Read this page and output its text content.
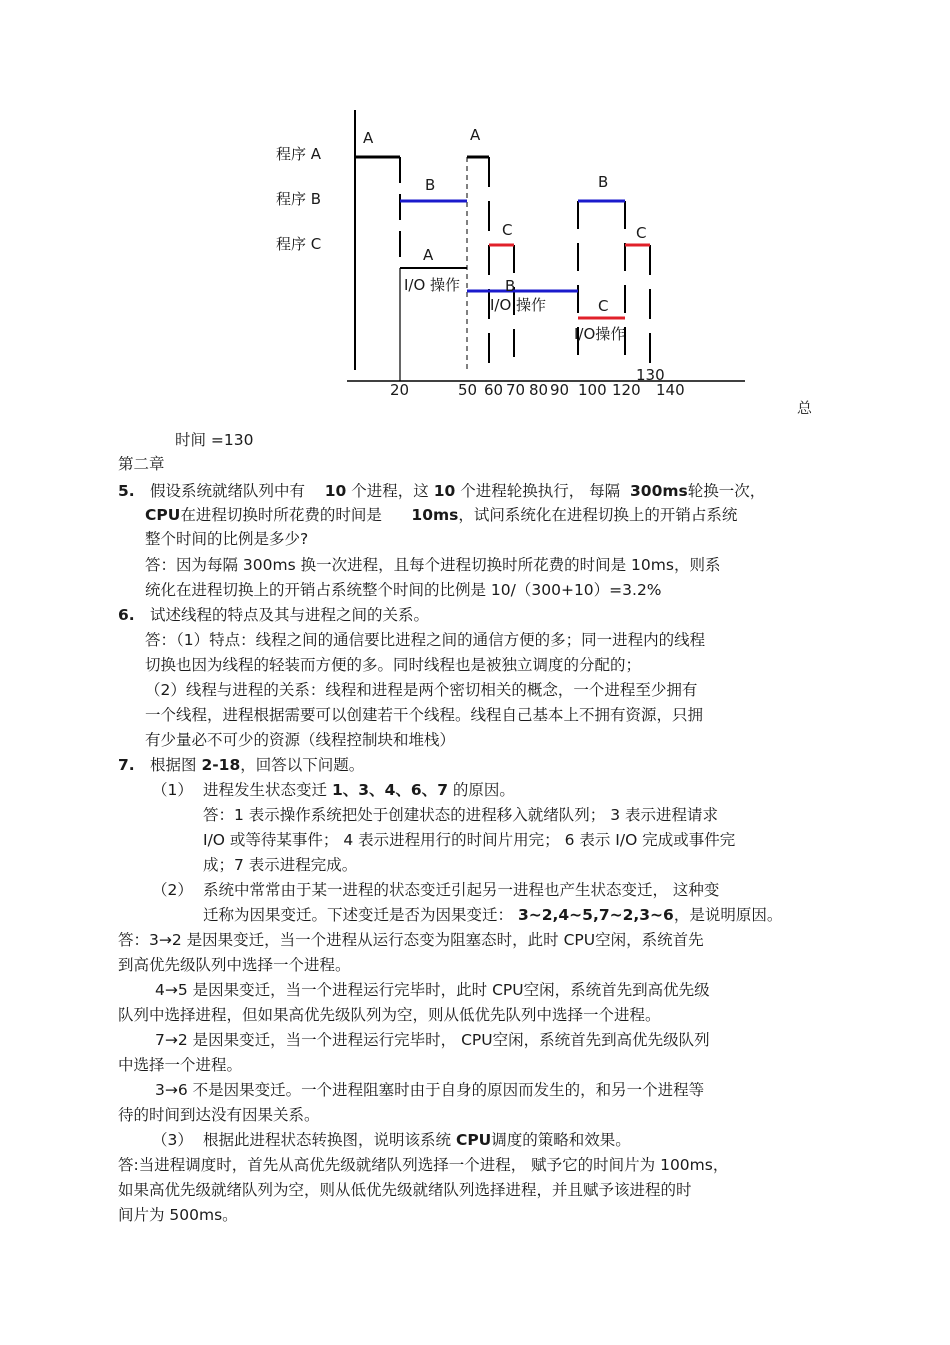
程序 A
程序 B
程序 C
A	A
B	B
C	C
A
I/O 操作	B
I/O 操作	C
I/O操作
20	50 60 70 80 90 100 120
130
140
总
时间 =130
第二章
5. 假设系统就绪队列中有 10 个进程，这 10 个进程轮换执行， 每隔 300ms轮换一次，
CPU在进程切换时所花费的时间是 10ms，试问系统化在进程切换上的开销占系统
整个时间的比例是多少?
答：因为每隔 300ms 换一次进程，且每个进程切换时所花费的时间是 10ms，则系
统化在进程切换上的开销占系统整个时间的比例是 10/（300+10）=3.2%
6. 试述线程的特点及其与进程之间的关系。
答：（1）特点：线程之间的通信要比进程之间的通信方便的多；同一进程内的线程
切换也因为线程的轻装而方便的多。同时线程也是被独立调度的分配的；
（2）线程与进程的关系：线程和进程是两个密切相关的概念，一个进程至少拥有
一个线程，进程根据需要可以创建若干个线程。线程自己基本上不拥有资源，只拥
有少量必不可少的资源（线程控制块和堆栈）
7. 根据图 2-18，回答以下问题。
（1） 进程发生状态变迁 1、3、4、6、7 的原因。
答：1 表示操作系统把处于创建状态的进程移入就绪队列； 3 表示进程请求
I/O 或等待某事件； 4 表示进程用行的时间片用完； 6 表示 I/O 完成或事件完
成；7 表示进程完成。
（2） 系统中常常由于某一进程的状态变迁引起另一进程也产生状态变迁， 这种变
迁称为因果变迁。下述变迁是否为因果变迁： 3~2,4~5,7~2,3~6，是说明原因。
答：3→2 是因果变迁，当一个进程从运行态变为阻塞态时，此时 CPU空闲，系统首先
到高优先级队列中选择一个进程。
4→5 是因果变迁，当一个进程运行完毕时，此时 CPU空闲，系统首先到高优先级
队列中选择进程，但如果高优先级队列为空，则从低优先队列中选择一个进程。
7→2 是因果变迁，当一个进程运行完毕时， CPU空闲，系统首先到高优先级队列
中选择一个进程。
3→6 不是因果变迁。一个进程阻塞时由于自身的原因而发生的，和另一个进程等
待的时间到达没有因果关系。
（3） 根据此进程状态转换图，说明该系统 CPU调度的策略和效果。
答:当进程调度时，首先从高优先级就绪队列选择一个进程， 赋予它的时间片为 100ms，
如果高优先级就绪队列为空，则从低优先级就绪队列选择进程，并且赋予该进程的时
间片为 500ms。
